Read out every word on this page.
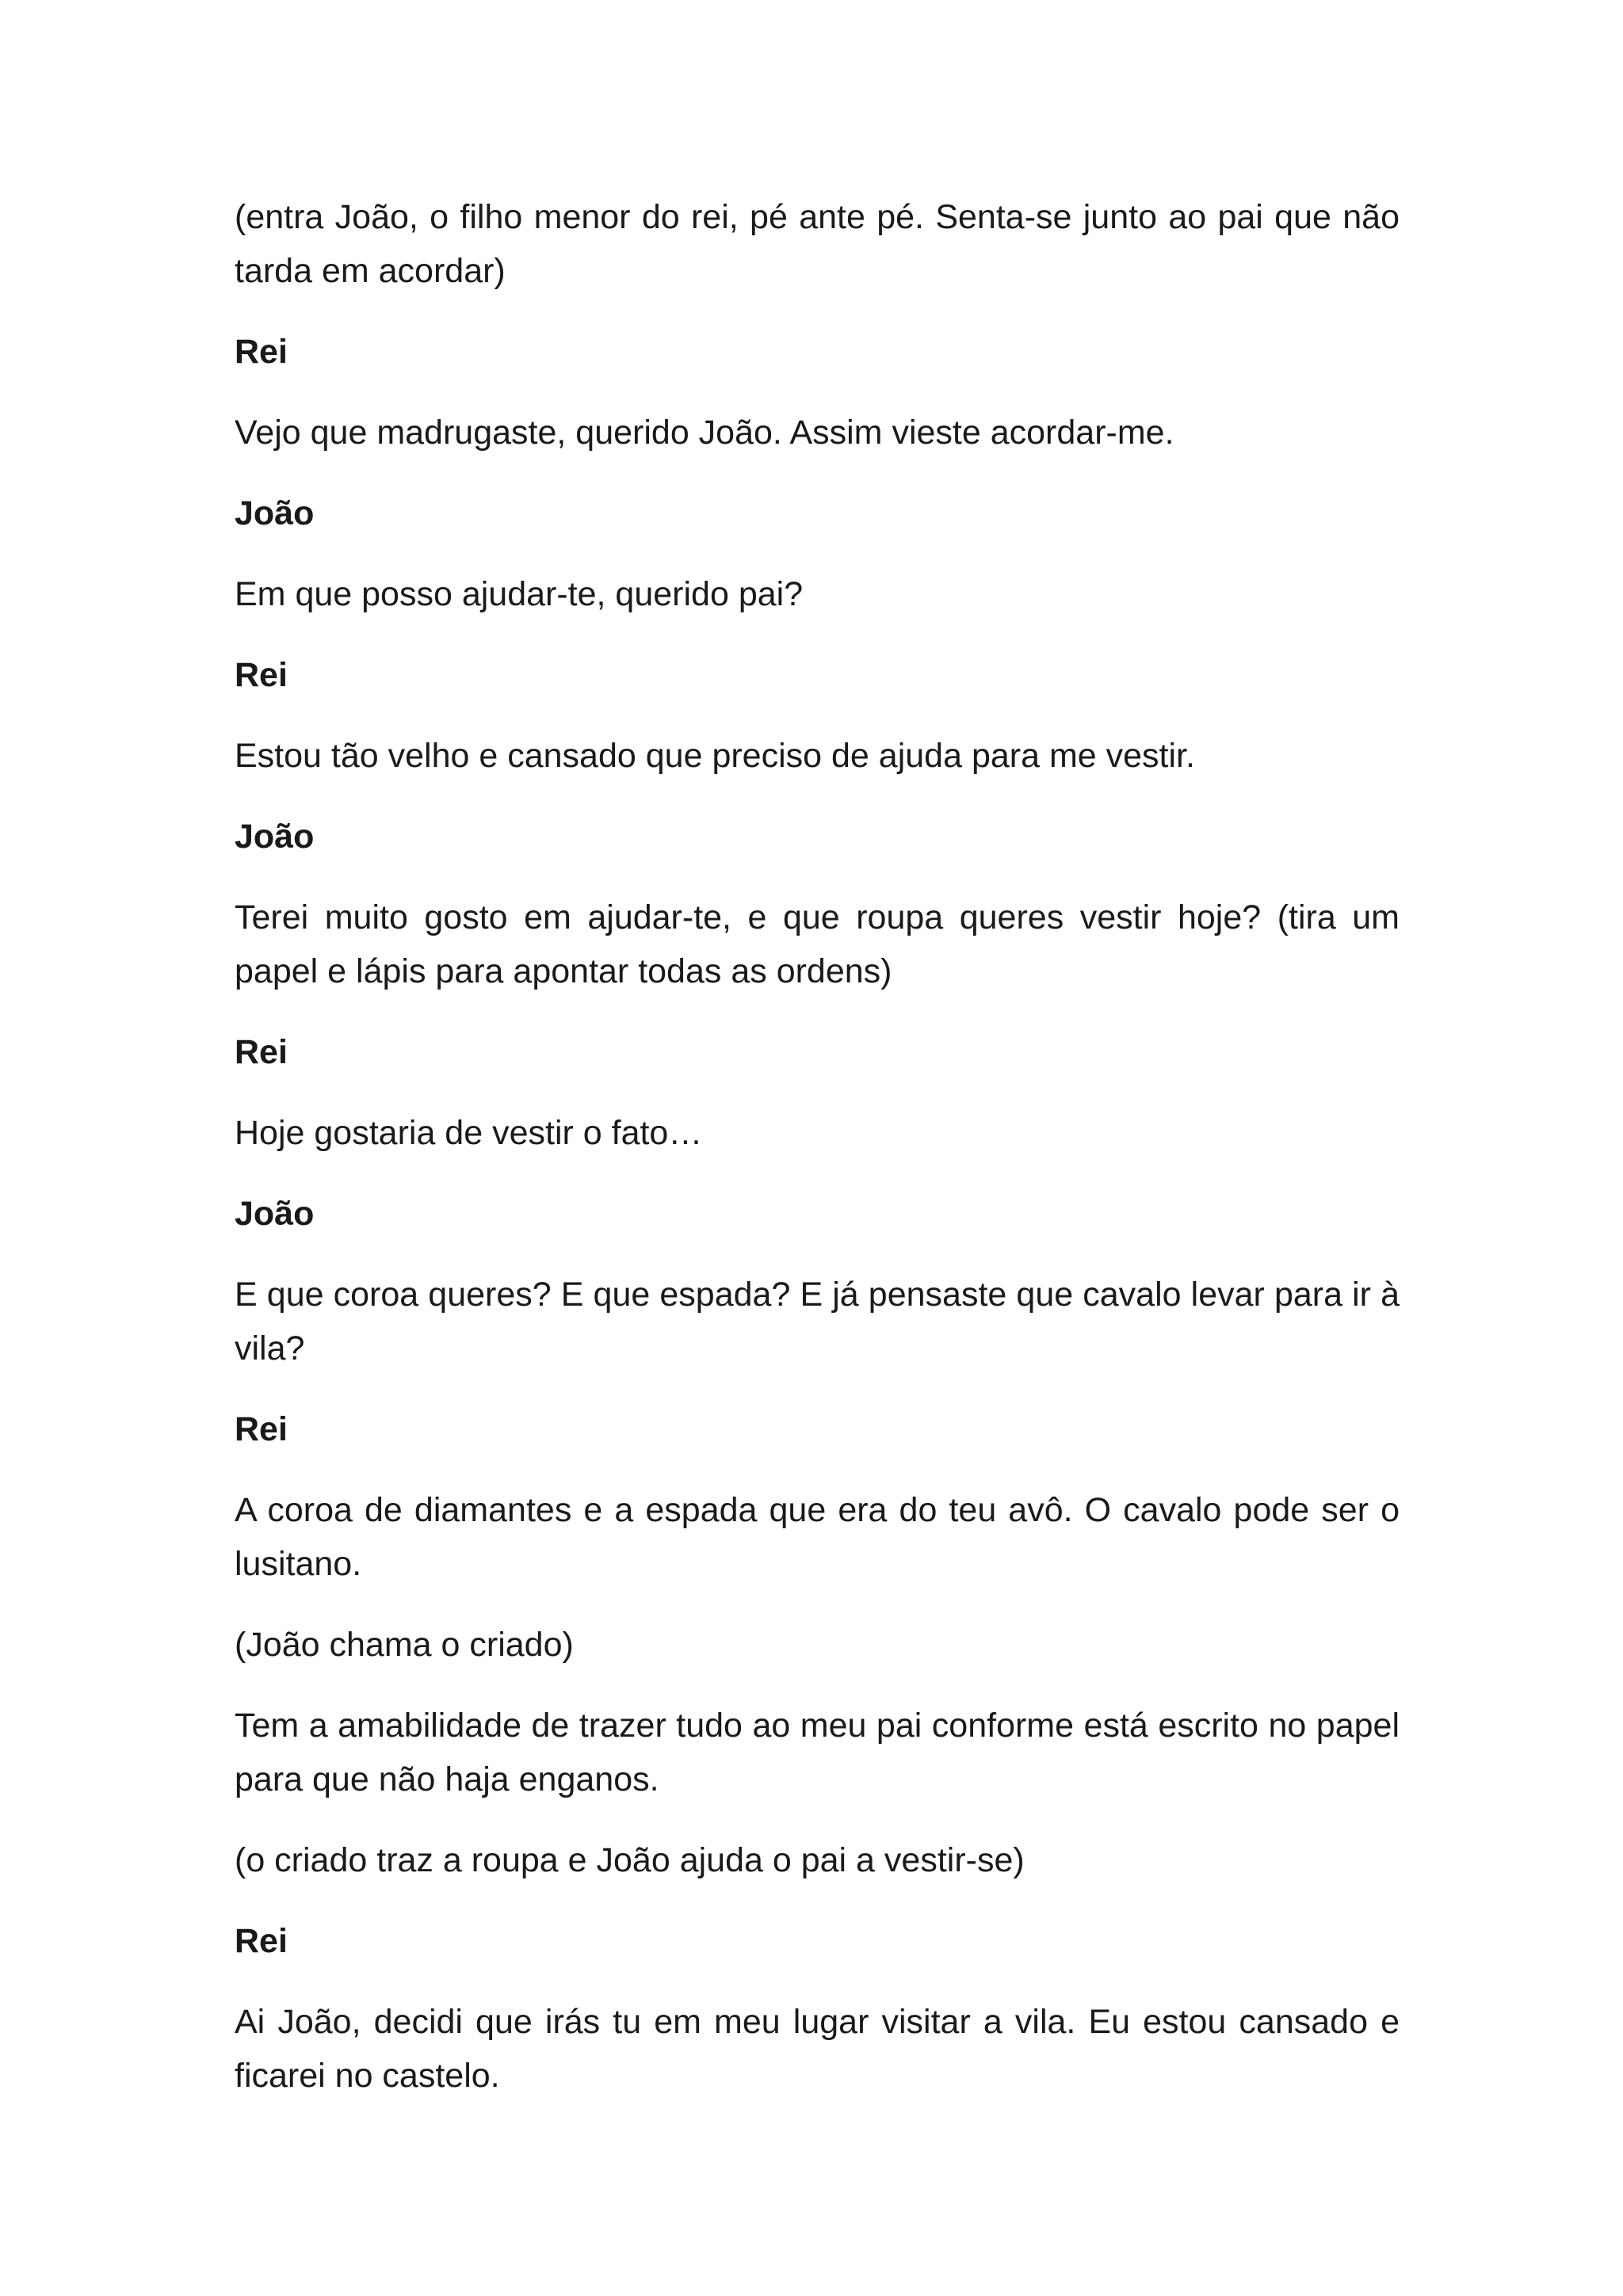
(entra João, o filho menor do rei, pé ante pé. Senta-se junto ao pai que não tarda em acordar)

Rei

Vejo que madrugaste, querido João. Assim vieste acordar-me.

João

Em que posso ajudar-te, querido pai?

Rei

Estou tão velho e cansado que preciso de ajuda para me vestir.

João

Terei muito gosto em ajudar-te, e que roupa queres vestir hoje? (tira um papel e lápis para apontar todas as ordens)

Rei

Hoje gostaria de vestir o fato…

João

E que coroa queres? E que espada? E já pensaste que cavalo levar para ir à vila?

Rei

A coroa de diamantes e a espada que era do teu avô. O cavalo pode ser o lusitano.

(João chama o criado)

Tem a amabilidade de trazer tudo ao meu pai conforme está escrito no papel para que não haja enganos.

(o criado traz a roupa e João ajuda o pai a vestir-se)

Rei

Ai João, decidi que irás tu em meu lugar visitar a vila. Eu estou cansado e ficarei no castelo.
